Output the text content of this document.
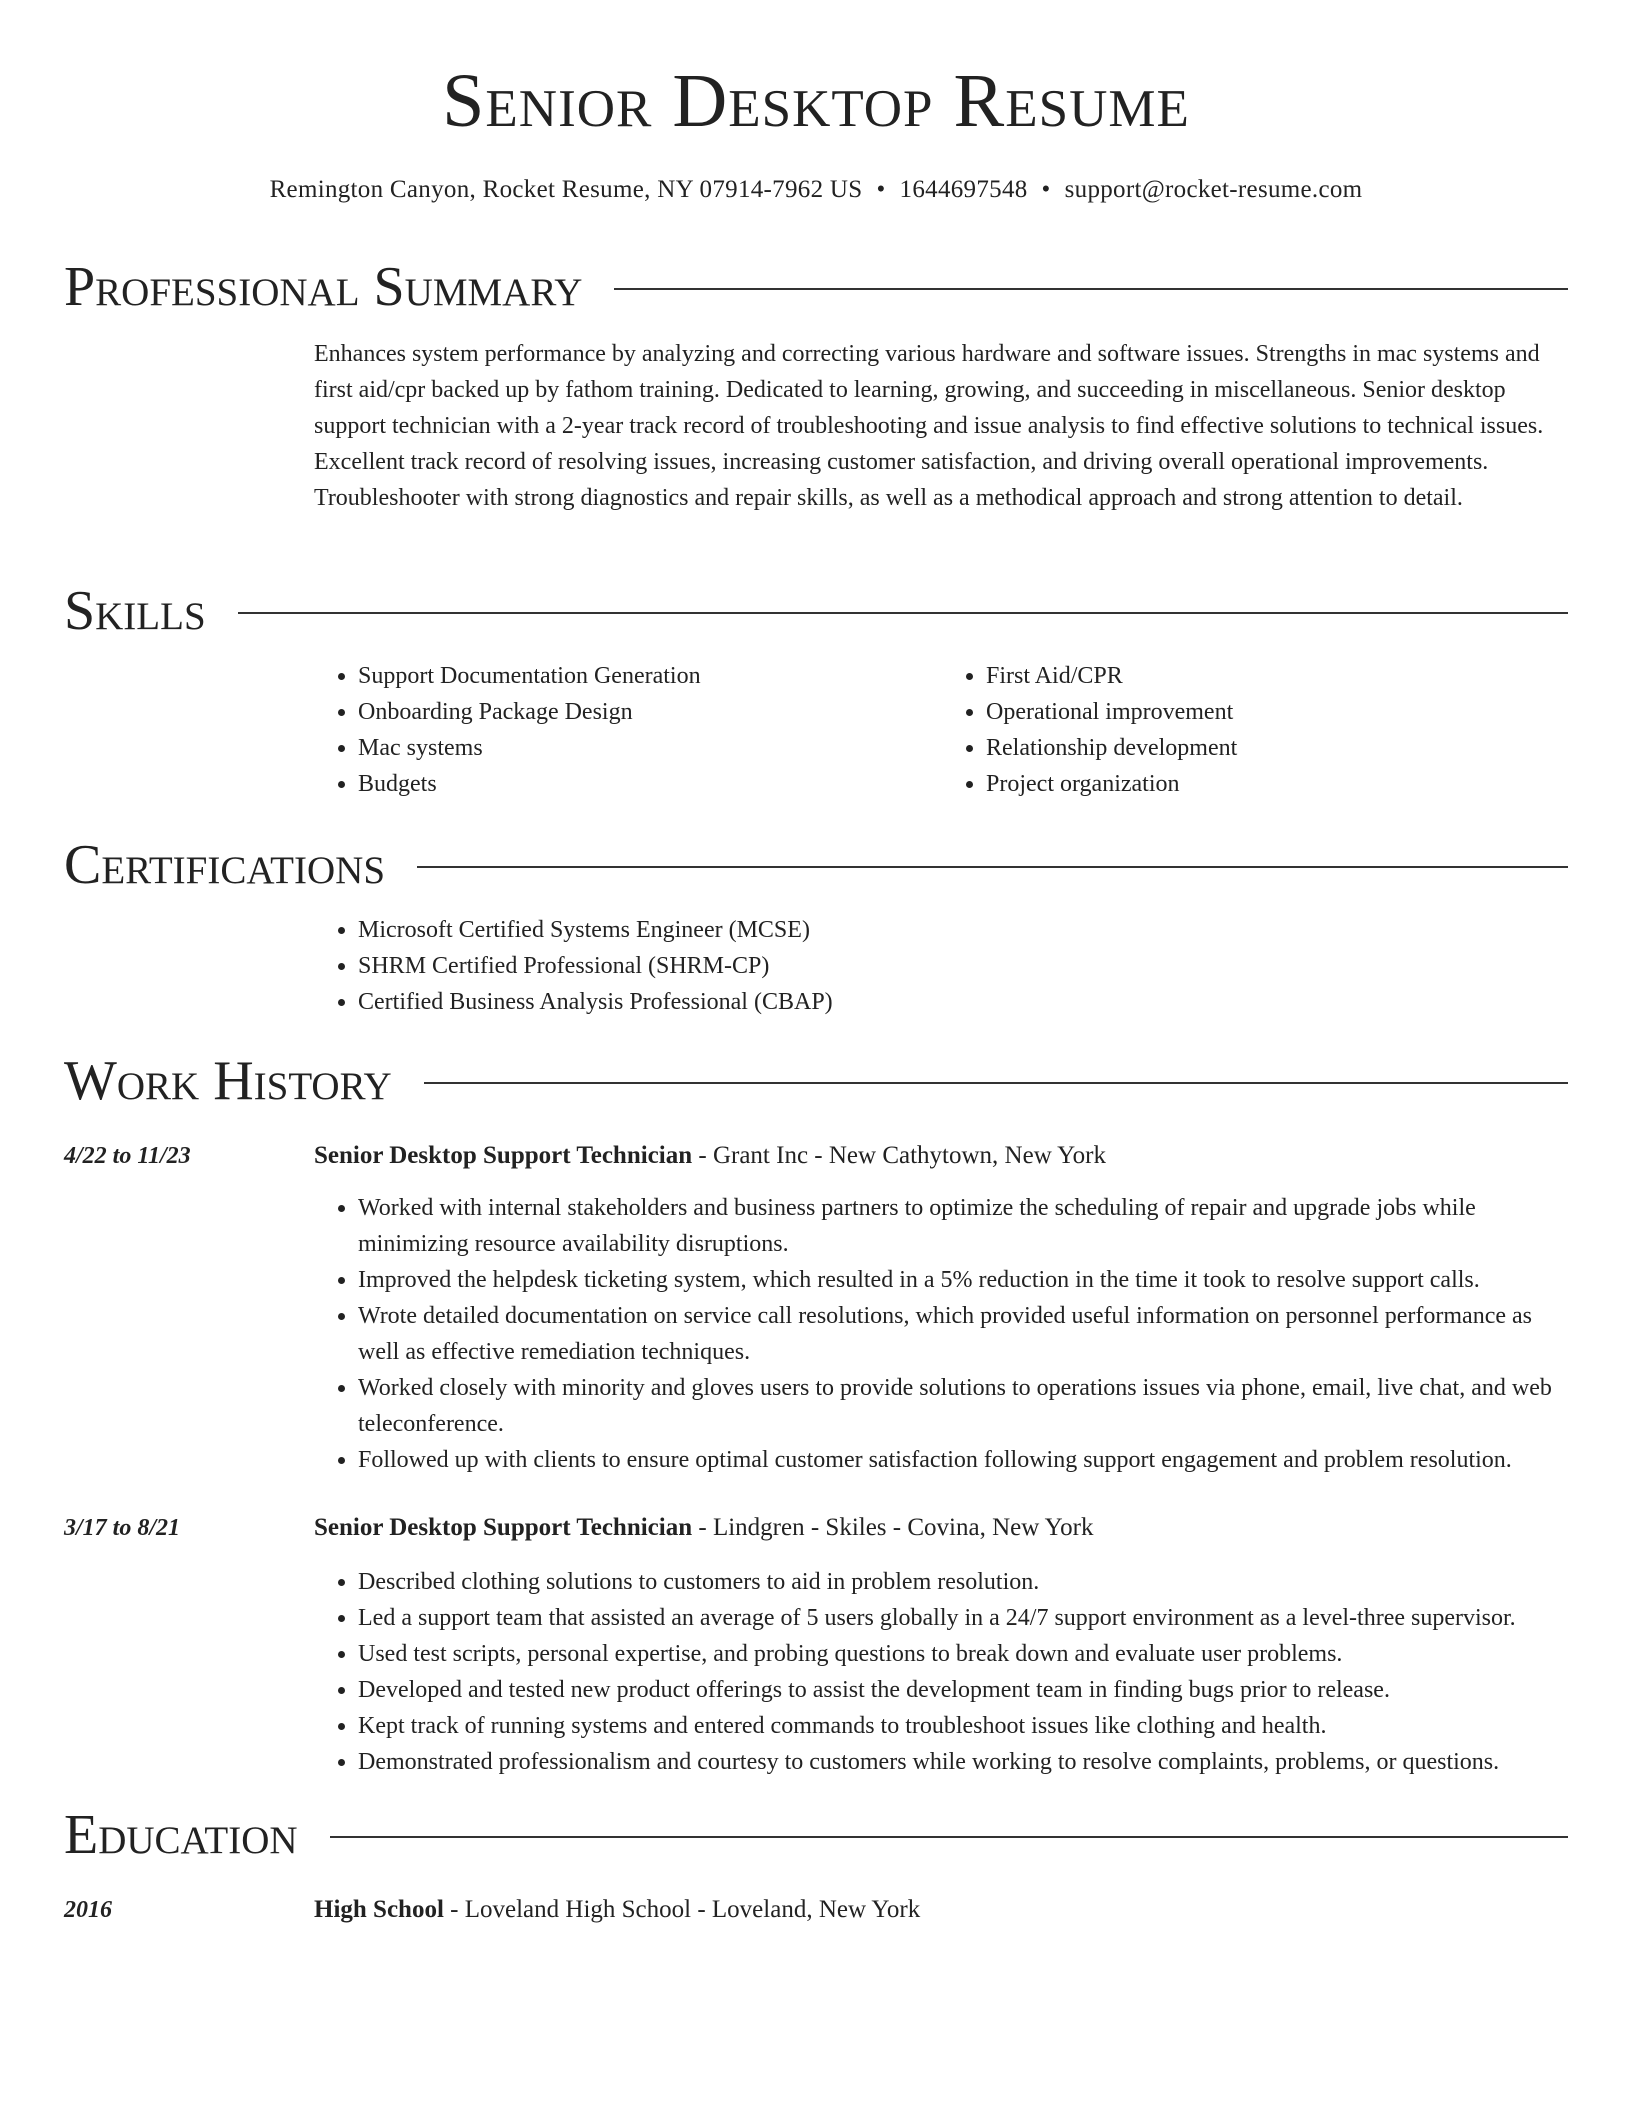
Senior Desktop Resume
Remington Canyon, Rocket Resume, NY 07914-7962 US • 1644697548 • support@rocket-resume.com
Professional Summary

Enhances system performance by analyzing and correcting various hardware and software issues. Strengths in mac systems and first aid/cpr backed up by fathom training. Dedicated to learning, growing, and succeeding in miscellaneous. Senior desktop support technician with a 2-year track record of troubleshooting and issue analysis to find effective solutions to technical issues. Excellent track record of resolving issues, increasing customer satisfaction, and driving overall operational improvements. Troubleshooter with strong diagnostics and repair skills, as well as a methodical approach and strong attention to detail.

Skills
• Support Documentation Generation
• Onboarding Package Design
• Mac systems
• Budgets
• First Aid/CPR
• Operational improvement
• Relationship development
• Project organization
Certifications
• Microsoft Certified Systems Engineer (MCSE)
• SHRM Certified Professional (SHRM-CP)
• Certified Business Analysis Professional (CBAP)
Work History
4/22 to 11/23	Senior Desktop Support Technician - Grant Inc - New Cathytown, New York
• Worked with internal stakeholders and business partners to optimize the scheduling of repair and upgrade jobs while minimizing resource availability disruptions.
• Improved the helpdesk ticketing system, which resulted in a 5% reduction in the time it took to resolve support calls.
• Wrote detailed documentation on service call resolutions, which provided useful information on personnel performance as well as effective remediation techniques.
• Worked closely with minority and gloves users to provide solutions to operations issues via phone, email, live chat, and web teleconference.
• Followed up with clients to ensure optimal customer satisfaction following support engagement and problem resolution.
3/17 to 8/21	Senior Desktop Support Technician - Lindgren - Skiles - Covina, New York
• Described clothing solutions to customers to aid in problem resolution.
• Led a support team that assisted an average of 5 users globally in a 24/7 support environment as a level-three supervisor.
• Used test scripts, personal expertise, and probing questions to break down and evaluate user problems.
• Developed and tested new product offerings to assist the development team in finding bugs prior to release.
• Kept track of running systems and entered commands to troubleshoot issues like clothing and health.
• Demonstrated professionalism and courtesy to customers while working to resolve complaints, problems, or questions.
Education
2016	High School - Loveland High School - Loveland, New York
